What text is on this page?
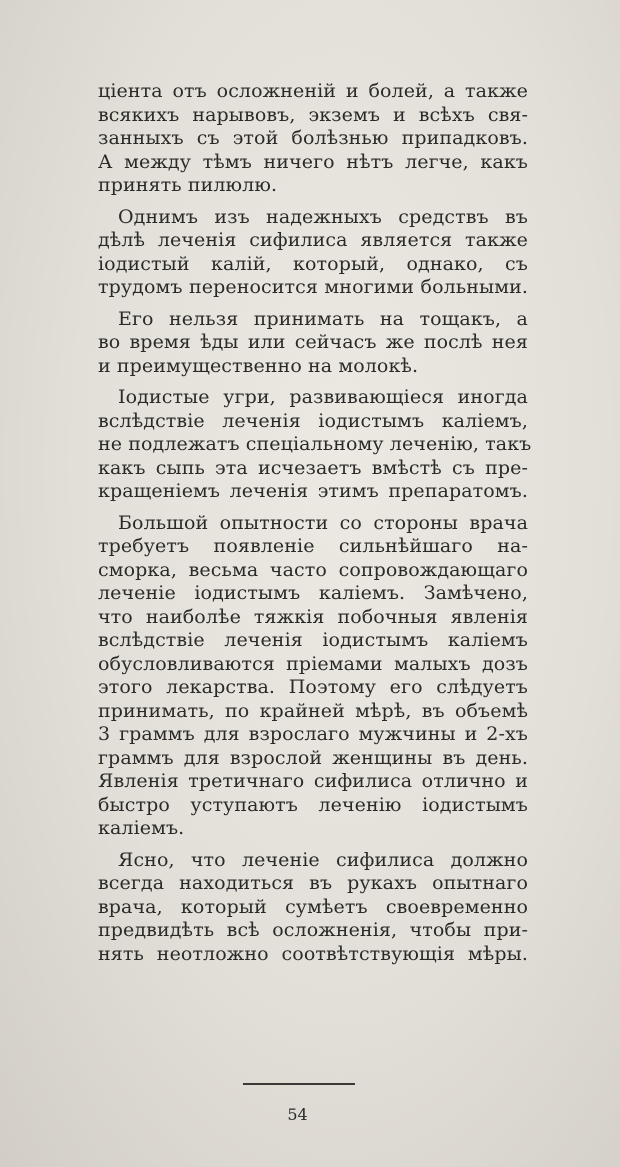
ціента отъ осложненій и болей, а также
всякихъ нарывовъ, экземъ и всѣхъ свя-
занныхъ съ этой болѣзнью припадковъ.
А между тѣмъ ничего нѣтъ легче, какъ
принять пилюлю.

Однимъ изъ надежныхъ средствъ въ
дѣлѣ леченія сифилиса является также
іодистый калій, который, однако, съ
трудомъ переносится многими больными.

Его нельзя принимать на тощакъ, а
во время ѣды или сейчасъ же послѣ нея
и преимущественно на молокѣ.

Іодистые угри, развивающіеся иногда
вслѣдствіе леченія іодистымъ каліемъ,
не подлежатъ спеціальному леченію, такъ
какъ сыпь эта исчезаетъ вмѣстѣ съ пре-
кращеніемъ леченія этимъ препаратомъ.

Большой опытности со стороны врача
требуетъ появленіе сильнѣйшаго на-
сморка, весьма часто сопровождающаго
леченіе іодистымъ каліемъ. Замѣчено,
что наиболѣе тяжкія побочныя явленія
вслѣдствіе леченія іодистымъ каліемъ
обусловливаются пріемами малыхъ дозъ
этого лекарства. Поэтому его слѣдуетъ
принимать, по крайней мѣрѣ, въ объемѣ
3 граммъ для взрослаго мужчины и 2-хъ
граммъ для взрослой женщины въ день.
Явленія третичнаго сифилиса отлично и
быстро уступаютъ леченію іодистымъ
каліемъ.

Ясно, что леченіе сифилиса должно
всегда находиться въ рукахъ опытнаго
врача, который сумѣетъ своевременно
предвидѣть всѣ осложненія, чтобы при-
нять неотложно соотвѣтствующія мѣры.

54
